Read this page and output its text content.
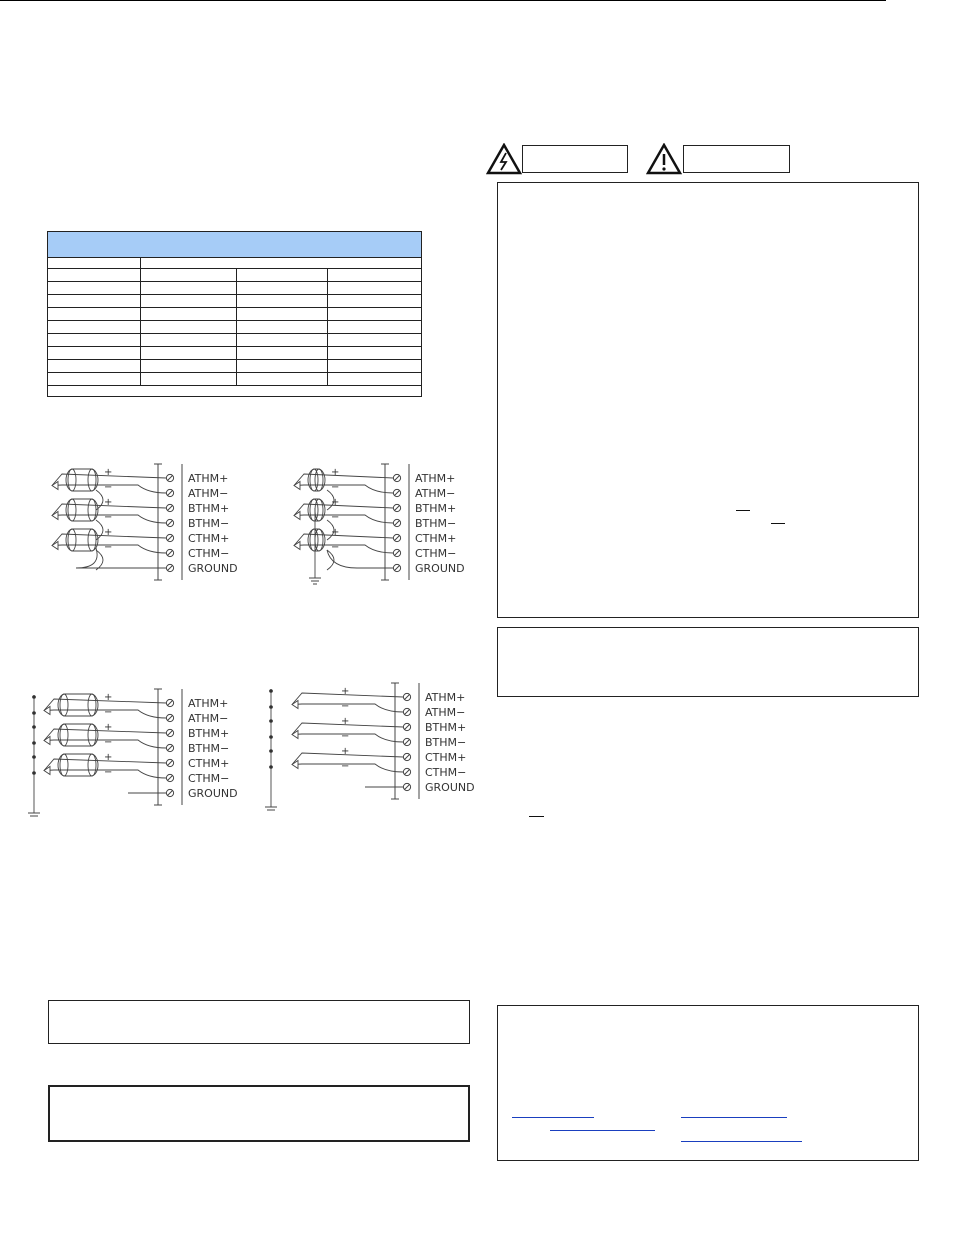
ATHM+
ATHM−
BTHM+
BTHM−
CTHM+
CTHM−
GROUND
+
−
+
−
+
−
ATHM+
ATHM−
BTHM+
BTHM−
CTHM+
CTHM−
GROUND
+
−
+
−
+
−
ATHM+
ATHM−
BTHM+
BTHM−
CTHM+
CTHM−
GROUND
+
−
+
−
+
−
ATHM+
ATHM−
BTHM+
BTHM−
CTHM+
CTHM−
GROUND
+
−
+
−
+
−
